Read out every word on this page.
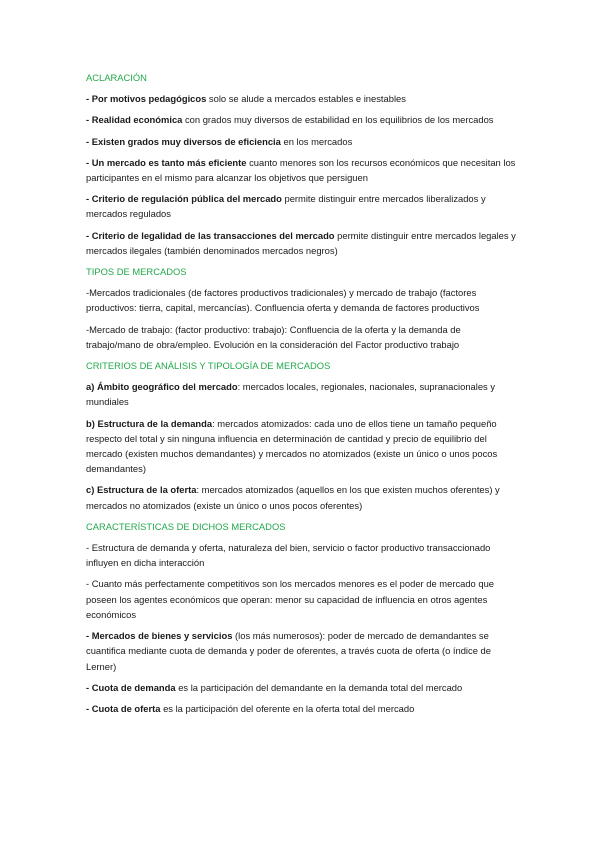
ACLARACIÓN

- Por motivos pedagógicos solo se alude a mercados estables e inestables

- Realidad económica con grados muy diversos de estabilidad en los equilibrios de los mercados

- Existen grados muy diversos de eficiencia en los mercados

- Un mercado es tanto más eficiente cuanto menores son los recursos económicos que necesitan los participantes en el mismo para alcanzar los objetivos que persiguen

- Criterio de regulación pública del mercado permite distinguir entre mercados liberalizados y mercados regulados

- Criterio de legalidad de las transacciones del mercado permite distinguir entre mercados legales y mercados ilegales (también denominados mercados negros)

TIPOS DE MERCADOS

-Mercados tradicionales (de factores productivos tradicionales) y mercado de trabajo (factores productivos: tierra, capital, mercancías). Confluencia oferta y demanda de factores productivos

-Mercado de trabajo: (factor productivo: trabajo): Confluencia de la oferta y la demanda de trabajo/mano de obra/empleo. Evolución en la consideración del Factor productivo trabajo

CRITERIOS DE ANÁLISIS Y TIPOLOGÍA DE MERCADOS

a) Ámbito geográfico del mercado: mercados locales, regionales, nacionales, supranacionales y mundiales

b) Estructura de la demanda: mercados atomizados: cada uno de ellos tiene un tamaño pequeño respecto del total y sin ninguna influencia en determinación de cantidad y precio de equilibrio del mercado (existen muchos demandantes) y mercados no atomizados (existe un único o unos pocos demandantes)

c) Estructura de la oferta: mercados atomizados (aquellos en los que existen muchos oferentes) y mercados no atomizados (existe un único o unos pocos oferentes)

CARACTERÍSTICAS DE DICHOS MERCADOS

- Estructura de demanda y oferta, naturaleza del bien, servicio o factor productivo transaccionado influyen en dicha interacción

- Cuanto más perfectamente competitivos son los mercados menores es el poder de mercado que poseen los agentes económicos que operan: menor su capacidad de influencia en otros agentes económicos

- Mercados de bienes y servicios (los más numerosos): poder de mercado de demandantes se cuantifica mediante cuota de demanda y poder de oferentes, a través cuota de oferta (o índice de Lerner)

- Cuota de demanda es la participación del demandante en la demanda total del mercado

- Cuota de oferta es la participación del oferente en la oferta total del mercado
